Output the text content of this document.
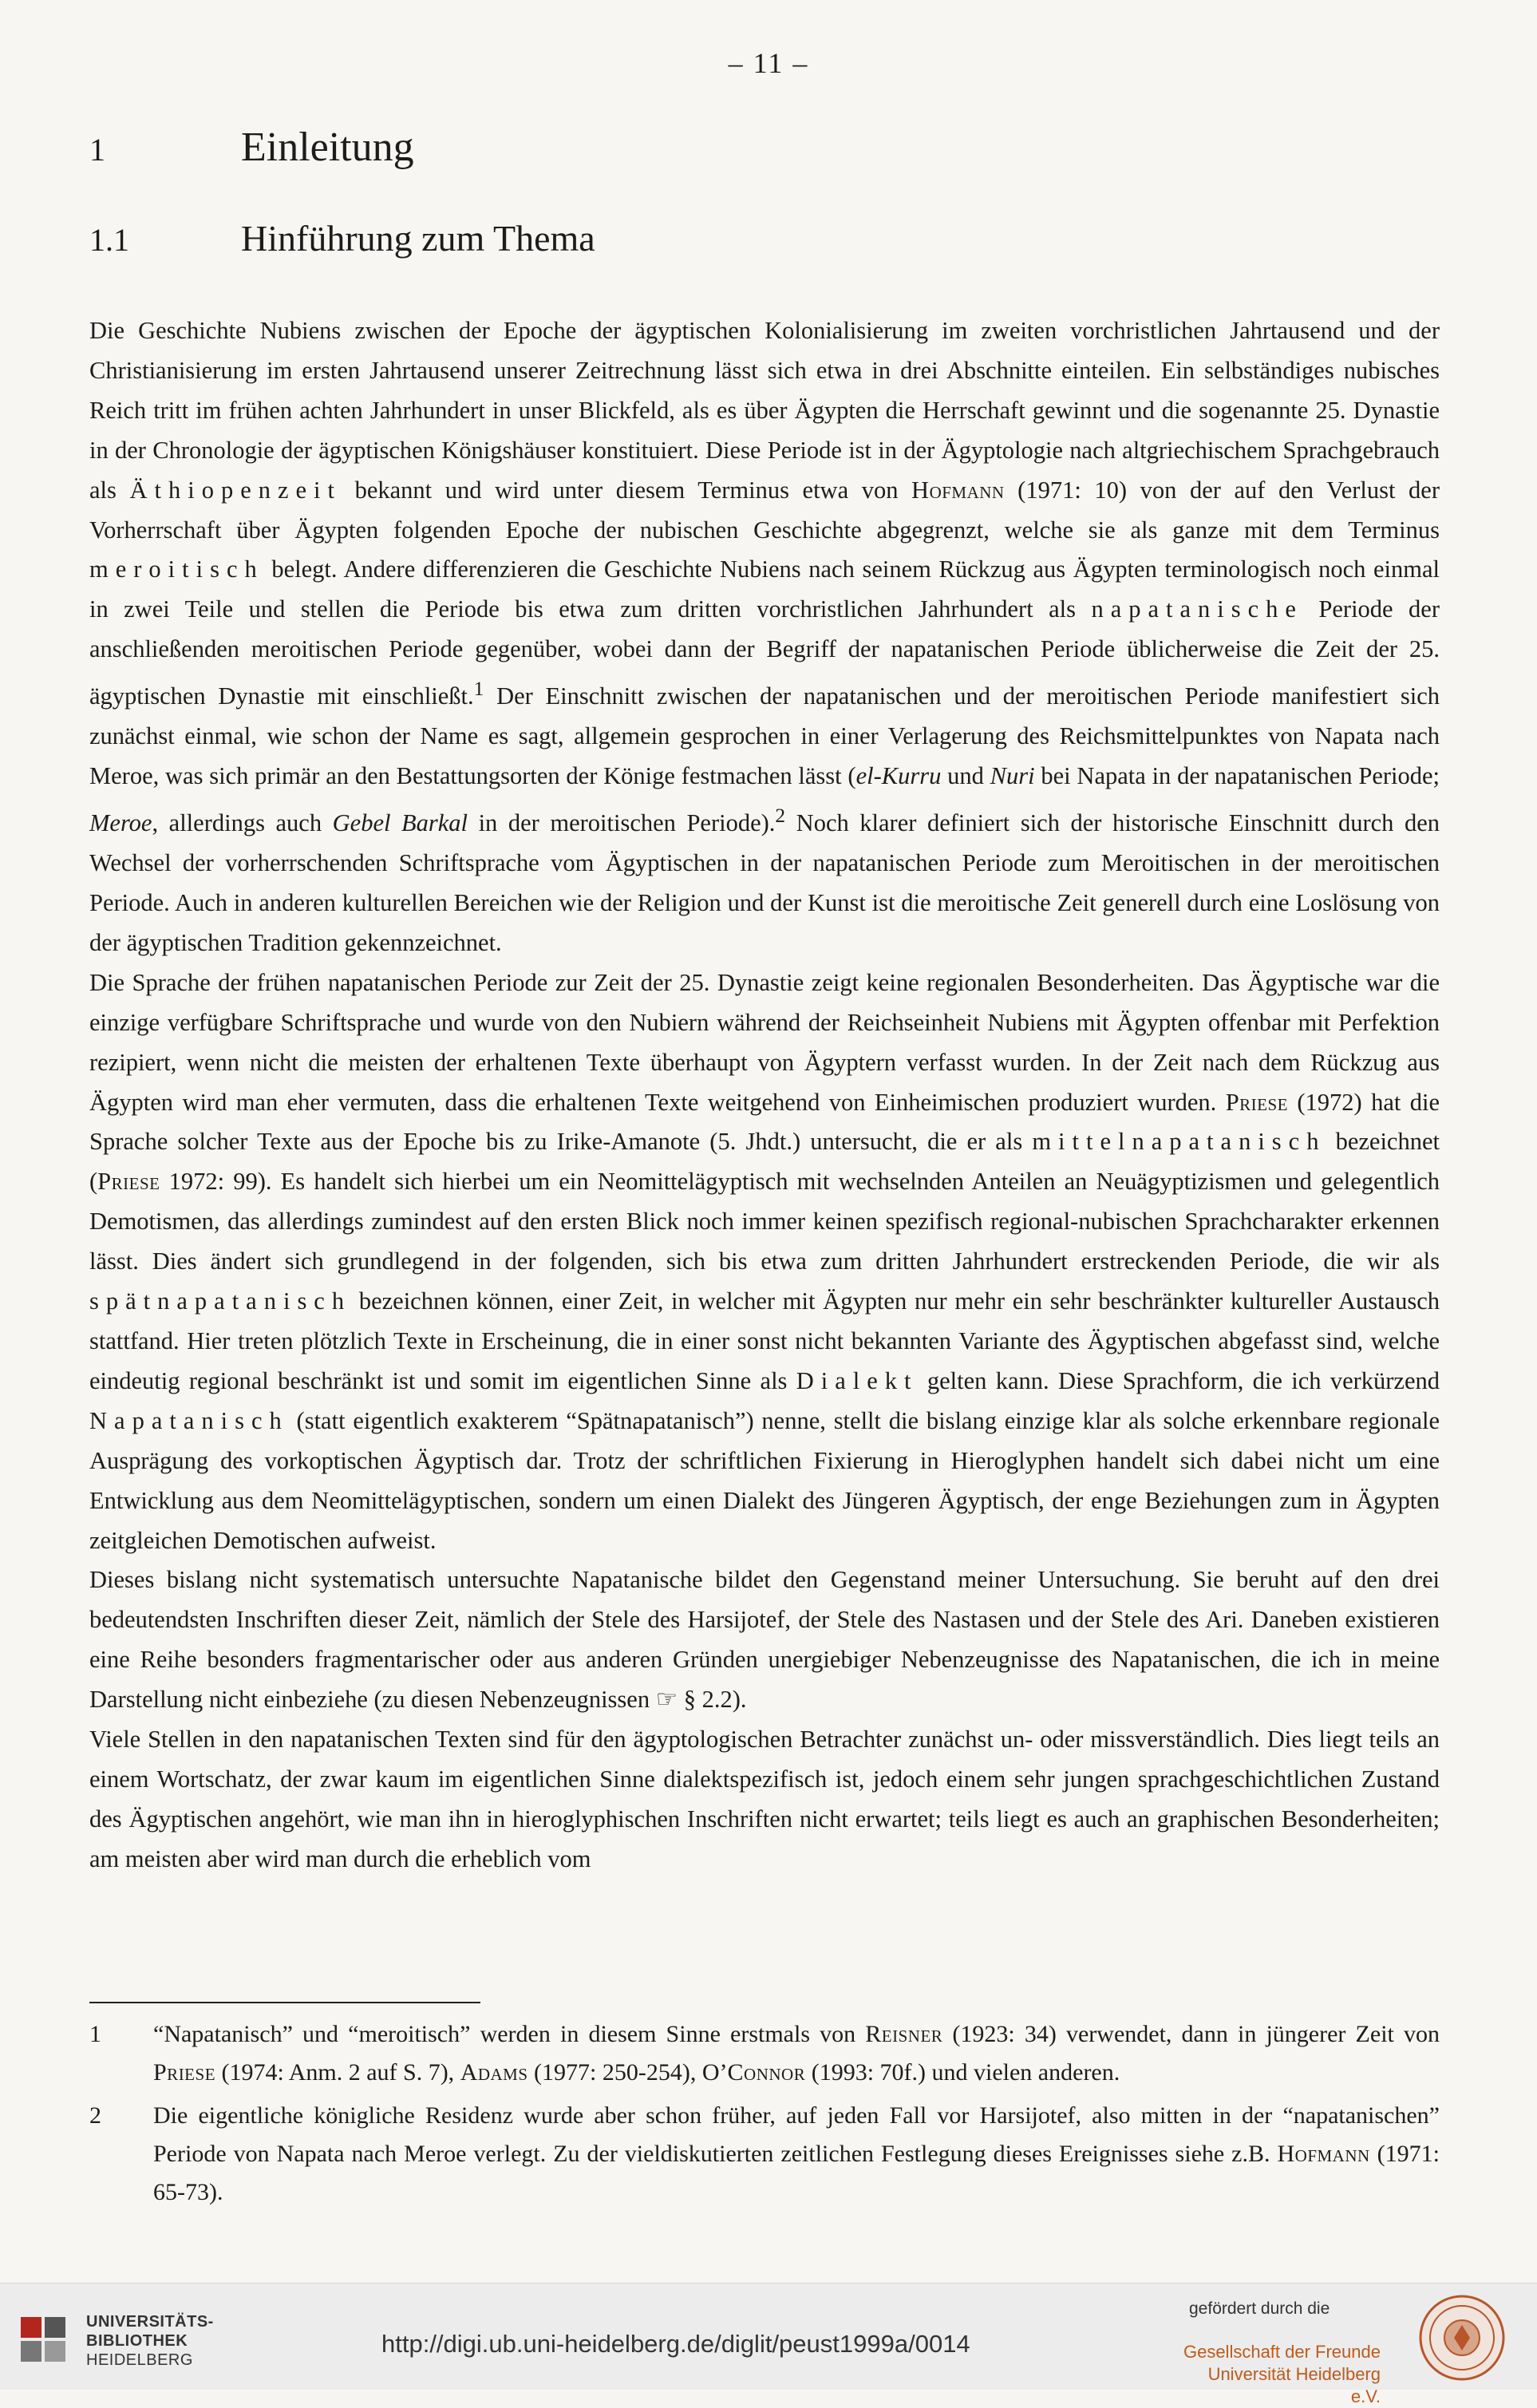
– 11 –
1	Einleitung
1.1	Hinführung zum Thema

Die Geschichte Nubiens zwischen der Epoche der ägyptischen Kolonialisierung im zweiten vorchristlichen Jahrtausend und der Christianisierung im ersten Jahrtausend unserer Zeitrechnung lässt sich etwa in drei Abschnitte einteilen. Ein selbständiges nubisches Reich tritt im frühen achten Jahrhundert in unser Blickfeld, als es über Ägypten die Herrschaft gewinnt und die sogenannte 25. Dynastie in der Chronologie der ägyptischen Königshäuser konstituiert. Diese Periode ist in der Ägyptologie nach altgriechischem Sprachgebrauch als Äthiopenzeit bekannt und wird unter diesem Terminus etwa von Hofmann (1971: 10) von der auf den Verlust der Vorherrschaft über Ägypten folgenden Epoche der nubischen Geschichte abgegrenzt, welche sie als ganze mit dem Terminus meroitisch belegt. Andere differenzieren die Geschichte Nubiens nach seinem Rückzug aus Ägypten terminologisch noch einmal in zwei Teile und stellen die Periode bis etwa zum dritten vorchristlichen Jahrhundert als napatanische Periode der anschließenden meroitischen Periode gegenüber, wobei dann der Begriff der napatanischen Periode üblicherweise die Zeit der 25. ägyptischen Dynastie mit einschließt.$^1$ Der Einschnitt zwischen der napatanischen und der meroitischen Periode manifestiert sich zunächst einmal, wie schon der Name es sagt, allgemein gesprochen in einer Verlagerung des Reichsmittelpunktes von Napata nach Meroe, was sich primär an den Bestattungsorten der Könige festmachen lässt (el-Kurru und Nuri bei Napata in der napatanischen Periode; Meroe, allerdings auch Gebel Barkal in der meroitischen Periode).$^2$ Noch klarer definiert sich der historische Einschnitt durch den Wechsel der vorherrschenden Schriftsprache vom Ägyptischen in der napatanischen Periode zum Meroitischen in der meroitischen Periode. Auch in anderen kulturellen Bereichen wie der Religion und der Kunst ist die meroitische Zeit generell durch eine Loslösung von der ägyptischen Tradition gekennzeichnet.

Die Sprache der frühen napatanischen Periode zur Zeit der 25. Dynastie zeigt keine regionalen Besonderheiten. Das Ägyptische war die einzige verfügbare Schriftsprache und wurde von den Nubiern während der Reichseinheit Nubiens mit Ägypten offenbar mit Perfektion rezipiert, wenn nicht die meisten der erhaltenen Texte überhaupt von Ägyptern verfasst wurden. In der Zeit nach dem Rückzug aus Ägypten wird man eher vermuten, dass die erhaltenen Texte weitgehend von Einheimischen produziert wurden. Priese (1972) hat die Sprache solcher Texte aus der Epoche bis zu Irike-Amanote (5. Jhdt.) untersucht, die er als mittelnapatanisch bezeichnet (Priese 1972: 99). Es handelt sich hierbei um ein Neomittelägyptisch mit wechselnden Anteilen an Neuägyptizismen und gelegentlich Demotismen, das allerdings zumindest auf den ersten Blick noch immer keinen spezifisch regional-nubischen Sprachcharakter erkennen lässt. Dies ändert sich grundlegend in der folgenden, sich bis etwa zum dritten Jahrhundert erstreckenden Periode, die wir als spätnapatanisch bezeichnen können, einer Zeit, in welcher mit Ägypten nur mehr ein sehr beschränkter kultureller Austausch stattfand. Hier treten plötzlich Texte in Erscheinung, die in einer sonst nicht bekannten Variante des Ägyptischen abgefasst sind, welche eindeutig regional beschränkt ist und somit im eigentlichen Sinne als Dialekt gelten kann. Diese Sprachform, die ich verkürzend Napatanisch (statt eigentlich exakterem “Spätnapatanisch”) nenne, stellt die bislang einzige klar als solche erkennbare regionale Ausprägung des vorkoptischen Ägyptisch dar. Trotz der schriftlichen Fixierung in Hieroglyphen handelt sich dabei nicht um eine Entwicklung aus dem Neomittelägyptischen, sondern um einen Dialekt des Jüngeren Ägyptisch, der enge Beziehungen zum in Ägypten zeitgleichen Demotischen aufweist.

Dieses bislang nicht systematisch untersuchte Napatanische bildet den Gegenstand meiner Untersuchung. Sie beruht auf den drei bedeutendsten Inschriften dieser Zeit, nämlich der Stele des Harsijotef, der Stele des Nastasen und der Stele des Ari. Daneben existieren eine Reihe besonders fragmentarischer oder aus anderen Gründen unergiebiger Nebenzeugnisse des Napatanischen, die ich in meine Darstellung nicht einbeziehe (zu diesen Nebenzeugnissen ☞ § 2.2).

Viele Stellen in den napatanischen Texten sind für den ägyptologischen Betrachter zunächst un- oder missverständlich. Dies liegt teils an einem Wortschatz, der zwar kaum im eigentlichen Sinne dialektspezifisch ist, jedoch einem sehr jungen sprachgeschichtlichen Zustand des Ägyptischen angehört, wie man ihn in hieroglyphischen Inschriften nicht erwartet; teils liegt es auch an graphischen Besonderheiten; am meisten aber wird man durch die erheblich vom

1	“Napatanisch” und “meroitisch” werden in diesem Sinne erstmals von Reisner (1923: 34) verwendet, dann in jüngerer Zeit von Priese (1974: Anm. 2 auf S. 7), Adams (1977: 250-254), O’Connor (1993: 70f.) und vielen anderen.
2	Die eigentliche königliche Residenz wurde aber schon früher, auf jeden Fall vor Harsijotef, also mitten in der “napatanischen” Periode von Napata nach Meroe verlegt. Zu der vieldiskutierten zeitlichen Festlegung dieses Ereignisses siehe z.B. Hofmann (1971: 65-73).
UNIVERSITÄTS-
BIBLIOTHEK
HEIDELBERG
http://digi.ub.uni-heidelberg.de/diglit/peust1999a/0014
gefördert durch die
Gesellschaft der Freunde
Universität Heidelberg e.V.
